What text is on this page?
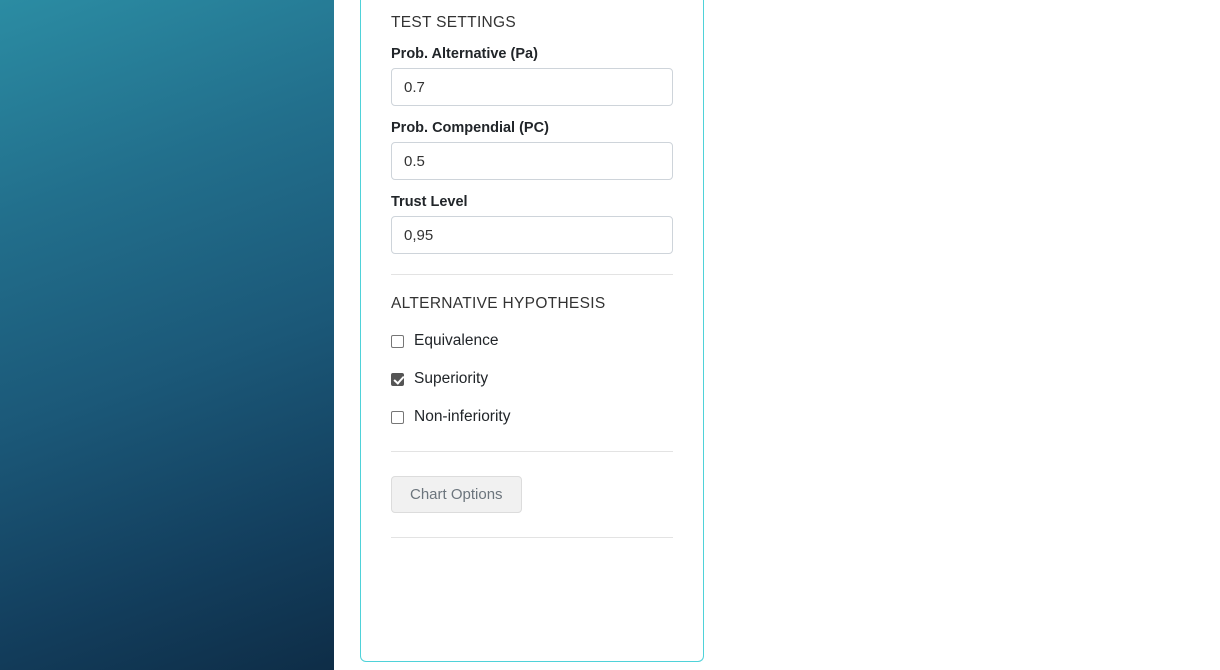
TEST SETTINGS
Prob. Alternative (Pa)
0.7
Prob. Compendial (PC)
0.5
Trust Level
0,95
ALTERNATIVE HYPOTHESIS
Equivalence
Superiority
Non-inferiority
Chart Options
